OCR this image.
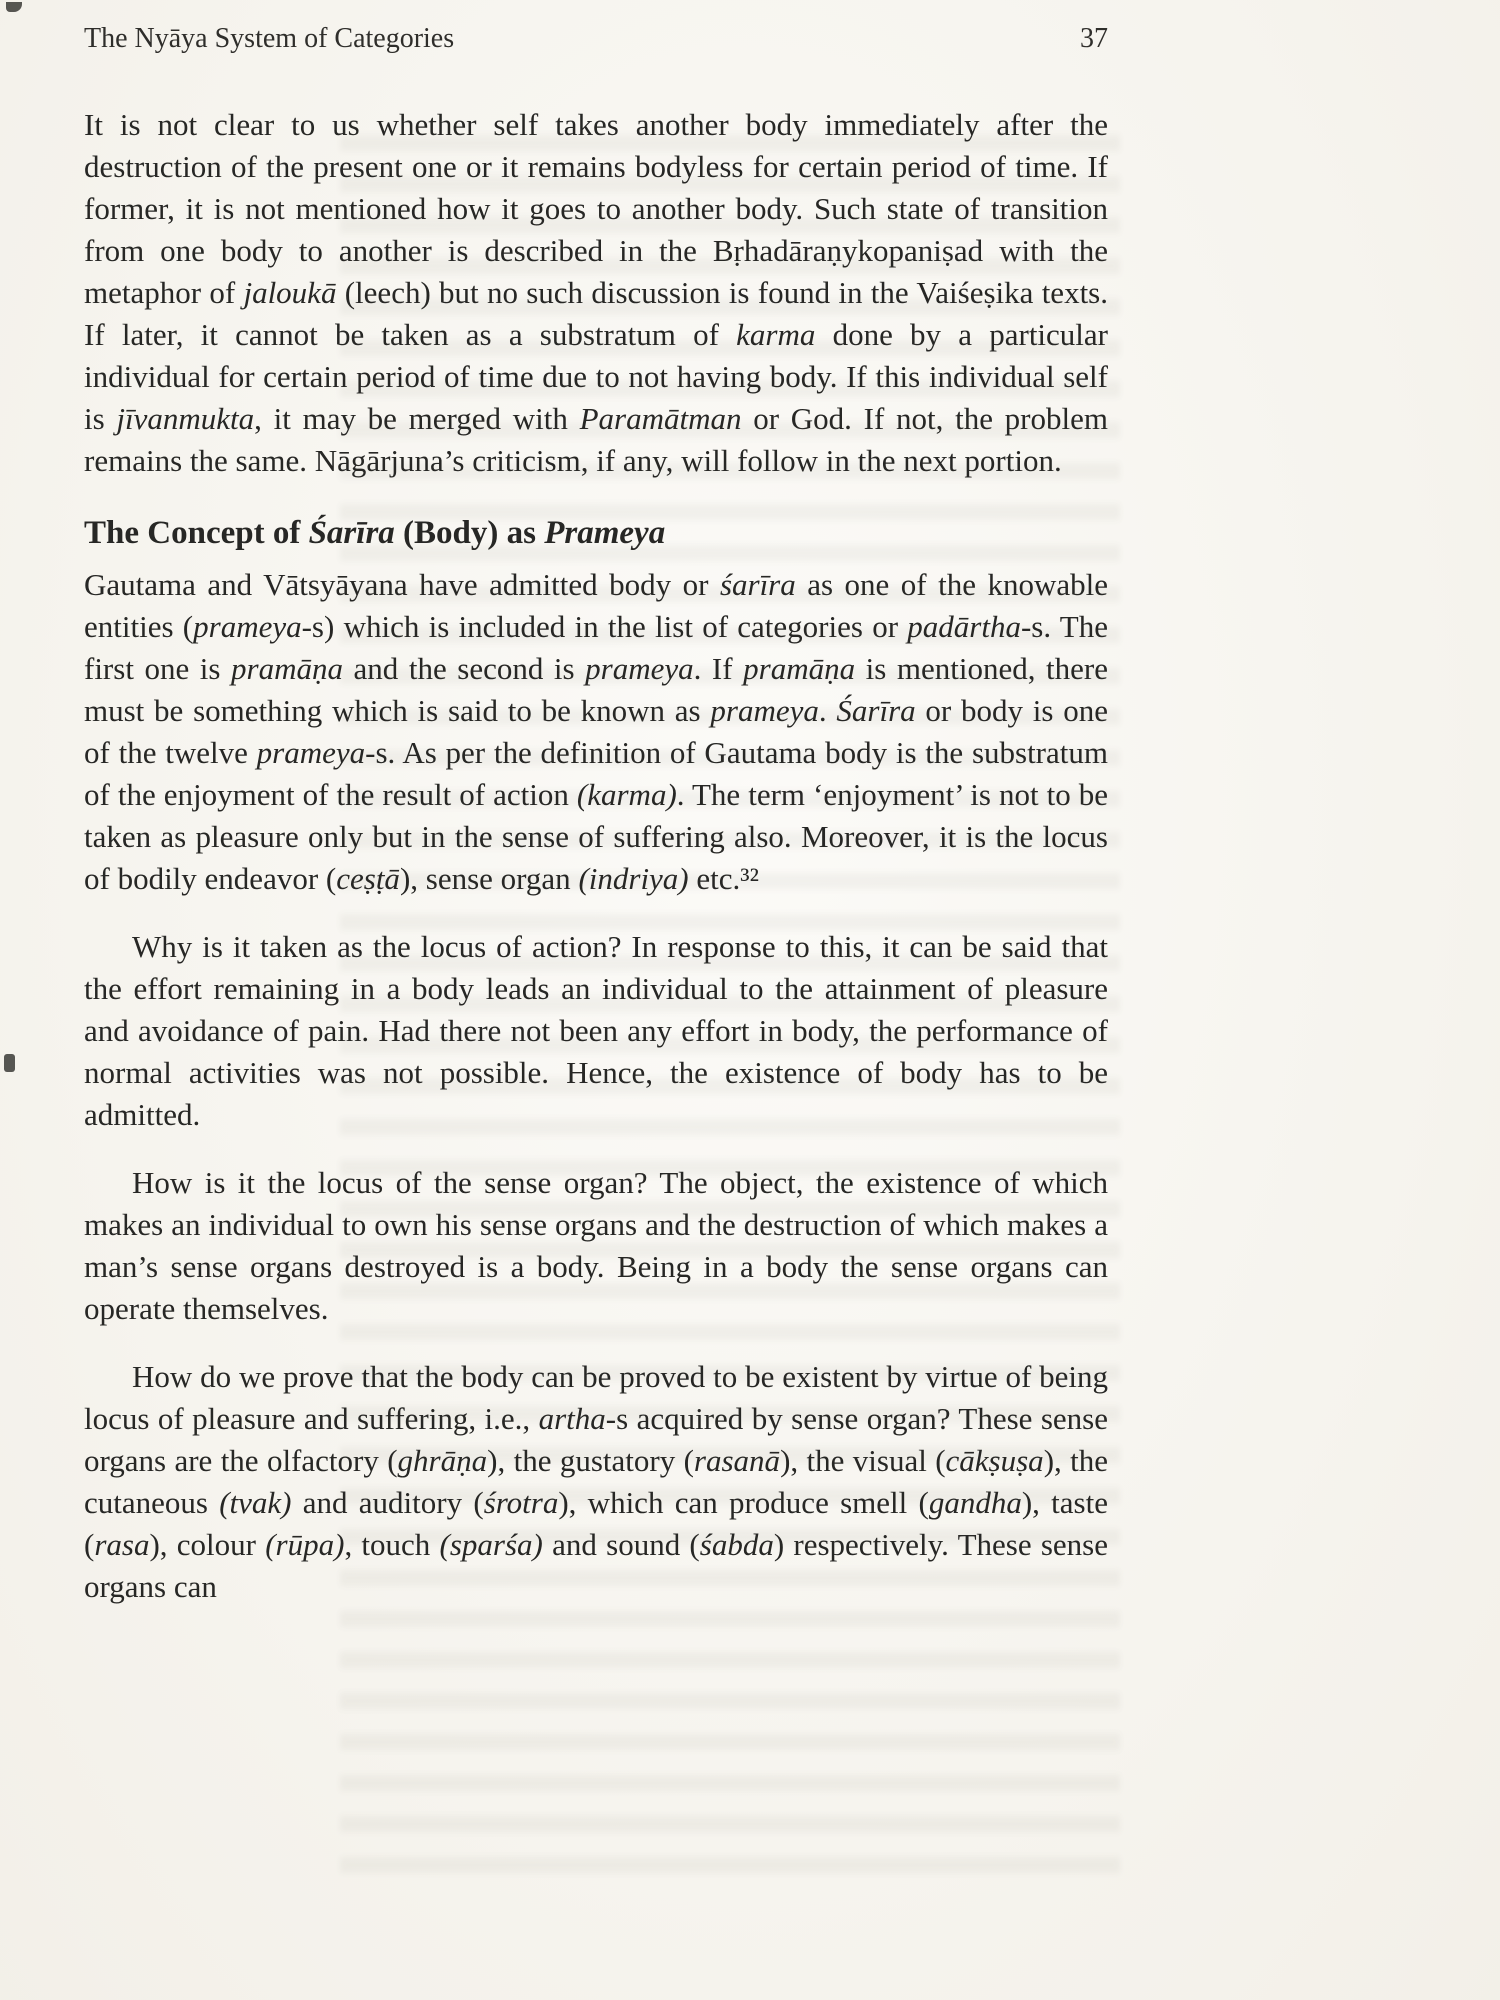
The Nyāya System of Categories	37

It is not clear to us whether self takes another body immediately after the destruction of the present one or it remains bodyless for certain period of time. If former, it is not mentioned how it goes to another body. Such state of transition from one body to another is described in the Bṛhadāraṇykopaniṣad with the metaphor of jaloukā (leech) but no such discussion is found in the Vaiśeṣika texts. If later, it cannot be taken as a substratum of karma done by a particular individual for certain period of time due to not having body. If this individual self is jīvanmukta, it may be merged with Paramātman or God. If not, the problem remains the same. Nāgārjuna’s criticism, if any, will follow in the next portion.

The Concept of Śarīra (Body) as Prameya

Gautama and Vātsyāyana have admitted body or śarīra as one of the knowable entities (prameya-s) which is included in the list of categories or padārtha-s. The first one is pramāṇa and the second is prameya. If pramāṇa is mentioned, there must be something which is said to be known as prameya. Śarīra or body is one of the twelve prameya-s. As per the definition of Gautama body is the substratum of the enjoyment of the result of action (karma). The term ‘enjoyment’ is not to be taken as pleasure only but in the sense of suffering also. Moreover, it is the locus of bodily endeavor (ceṣṭā), sense organ (indriya) etc.³²

Why is it taken as the locus of action? In response to this, it can be said that the effort remaining in a body leads an individual to the attainment of pleasure and avoidance of pain. Had there not been any effort in body, the performance of normal activities was not possible. Hence, the existence of body has to be admitted.

How is it the locus of the sense organ? The object, the existence of which makes an individual to own his sense organs and the destruction of which makes a man’s sense organs destroyed is a body. Being in a body the sense organs can operate themselves.

How do we prove that the body can be proved to be existent by virtue of being locus of pleasure and suffering, i.e., artha-s acquired by sense organ? These sense organs are the olfactory (ghrāṇa), the gustatory (rasanā), the visual (cākṣuṣa), the cutaneous (tvak) and auditory (śrotra), which can produce smell (gandha), taste (rasa), colour (rūpa), touch (sparśa) and sound (śabda) respectively. These sense organs can
